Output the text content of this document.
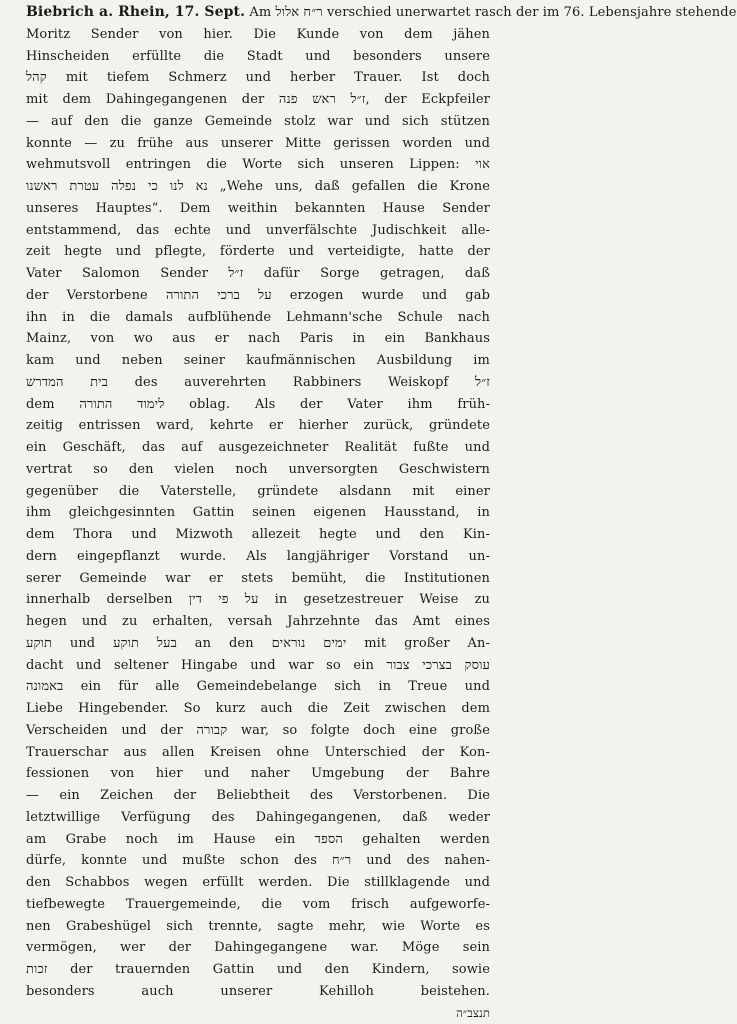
Biebrich a. Rhein, 17. Sept. Am ר״ח אלול verschied unerwartet rasch der im 76. Lebensjahre stehende
Moritz Sender von hier. Die Kunde von dem jähen
Hinscheiden erfüllte die Stadt und besonders unsere
קהל mit tiefem Schmerz und herber Trauer. Ist doch
mit dem Dahingegangenen der ז״ל ראש פנה, der Eckpfeiler
— auf den die ganze Gemeinde stolz war und sich stützen
konnte — zu frühe aus unserer Mitte gerissen worden und
wehmutsvoll entringen die Worte sich unseren Lippen: אוי
נא לנו כי נפלה עטרת ראשנו „Wehe uns, daß gefallen die Krone
unseres Hauptes“. Dem weithin bekannten Hause Sender
entstammend, das echte und unverfälschte Judischkeit alle-
zeit hegte und pflegte, förderte und verteidigte, hatte der
Vater Salomon Sender ז״ל dafür Sorge getragen, daß
der Verstorbene על ברכי התורה erzogen wurde und gab
ihn in die damals aufblühende Lehmann'sche Schule nach
Mainz, von wo aus er nach Paris in ein Bankhaus
kam und neben seiner kaufmännischen Ausbildung im
בית המדרש des auverehrten Rabbiners Weiskopf ז״ל
dem לימוד התורה oblag. Als der Vater ihm früh-
zeitig entrissen ward, kehrte er hierher zurück, gründete
ein Geschäft, das auf ausgezeichneter Realität fußte und
vertrat so den vielen noch unversorgten Geschwistern
gegenüber die Vaterstelle, gründete alsdann mit einer
ihm gleichgesinnten Gattin seinen eigenen Hausstand, in
dem Thora und Mizwoth allezeit hegte und den Kin-
dern eingepflanzt wurde. Als langjähriger Vorstand un-
serer Gemeinde war er stets bemüht, die Institutionen
innerhalb derselben על פי דין in gesetzestreuer Weise zu
hegen und zu erhalten, versah Jahrzehnte das Amt eines
תוקע und בעל תוקע an den ימים נוראים mit großer An-
dacht und seltener Hingabe und war so ein עוסק בצרכי צבור
באמונה ein für alle Gemeindebelange sich in Treue und
Liebe Hingebender. So kurz auch die Zeit zwischen dem
Verscheiden und der קבורה war, so folgte doch eine große
Trauerschar aus allen Kreisen ohne Unterschied der Kon-
fessionen von hier und naher Umgebung der Bahre
— ein Zeichen der Beliebtheit des Verstorbenen. Die
letztwillige Verfügung des Dahingegangenen, daß weder
am Grabe noch im Hause ein הספד gehalten werden
dürfe, konnte und mußte schon des ר״ח und des nahen-
den Schabbos wegen erfüllt werden. Die stillklagende und
tiefbewegte Trauergemeinde, die vom frisch aufgeworfe-
nen Grabeshügel sich trennte, sagte mehr, wie Worte es
vermögen, wer der Dahingegangene war. Möge sein
זכות der trauernden Gattin und den Kindern, sowie
besonders auch unserer Kehilloh beistehen.
תנצב״ה
